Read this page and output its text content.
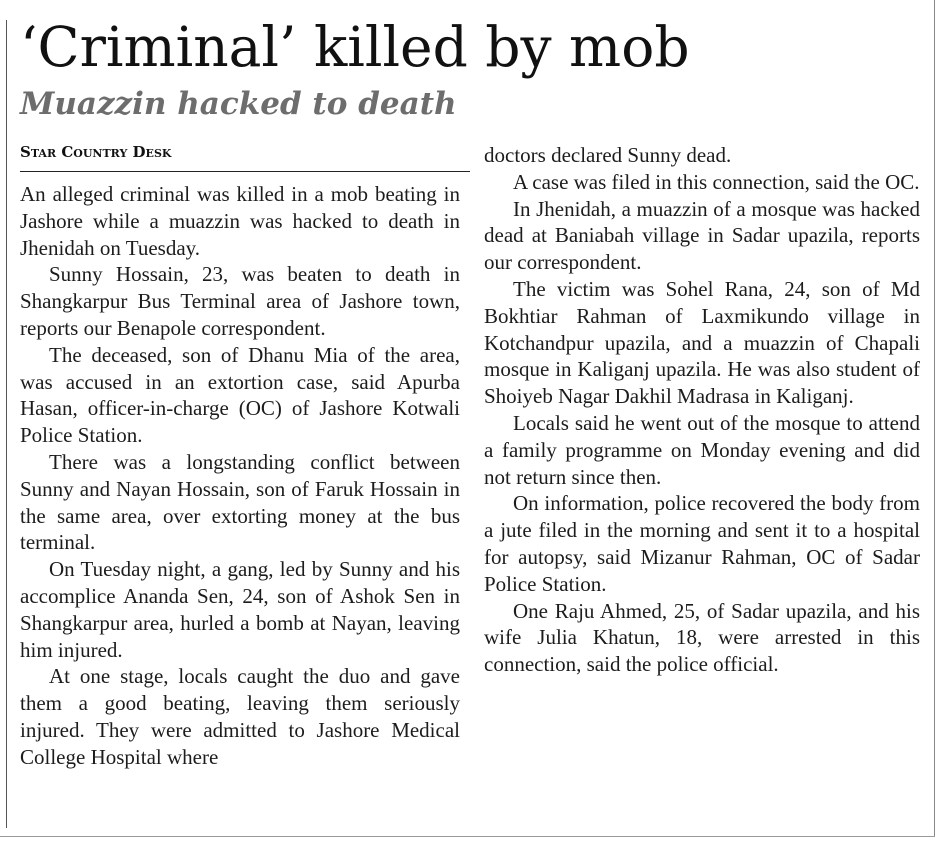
‘Criminal’ killed by mob
Muazzin hacked to death
Star Country Desk

An alleged criminal was killed in a mob beating in Jashore while a muazzin was hacked to death in Jhenidah on Tuesday.

Sunny Hossain, 23, was beaten to death in Shangkarpur Bus Terminal area of Jashore town, reports our Benapole correspondent.

The deceased, son of Dhanu Mia of the area, was accused in an extortion case, said Apurba Hasan, officer-in-charge (OC) of Jashore Kotwali Police Station.

There was a longstanding conflict between Sunny and Nayan Hossain, son of Faruk Hossain in the same area, over extorting money at the bus terminal.

On Tuesday night, a gang, led by Sunny and his accomplice Ananda Sen, 24, son of Ashok Sen in Shangkarpur area, hurled a bomb at Nayan, leaving him injured.

At one stage, locals caught the duo and gave them a good beating, leaving them seriously injured. They were admitted to Jashore Medical College Hospital where

doctors declared Sunny dead.

A case was filed in this connection, said the OC.

In Jhenidah, a muazzin of a mosque was hacked dead at Baniabah village in Sadar upazila, reports our correspondent.

The victim was Sohel Rana, 24, son of Md Bokhtiar Rahman of Laxmikundo village in Kotchandpur upazila, and a muazzin of Chapali mosque in Kaliganj upazila. He was also student of Shoiyeb Nagar Dakhil Madrasa in Kaliganj.

Locals said he went out of the mosque to attend a family programme on Monday evening and did not return since then.

On information, police recovered the body from a jute filed in the morning and sent it to a hospital for autopsy, said Mizanur Rahman, OC of Sadar Police Station.

One Raju Ahmed, 25, of Sadar upazila, and his wife Julia Khatun, 18, were arrested in this connection, said the police official.
